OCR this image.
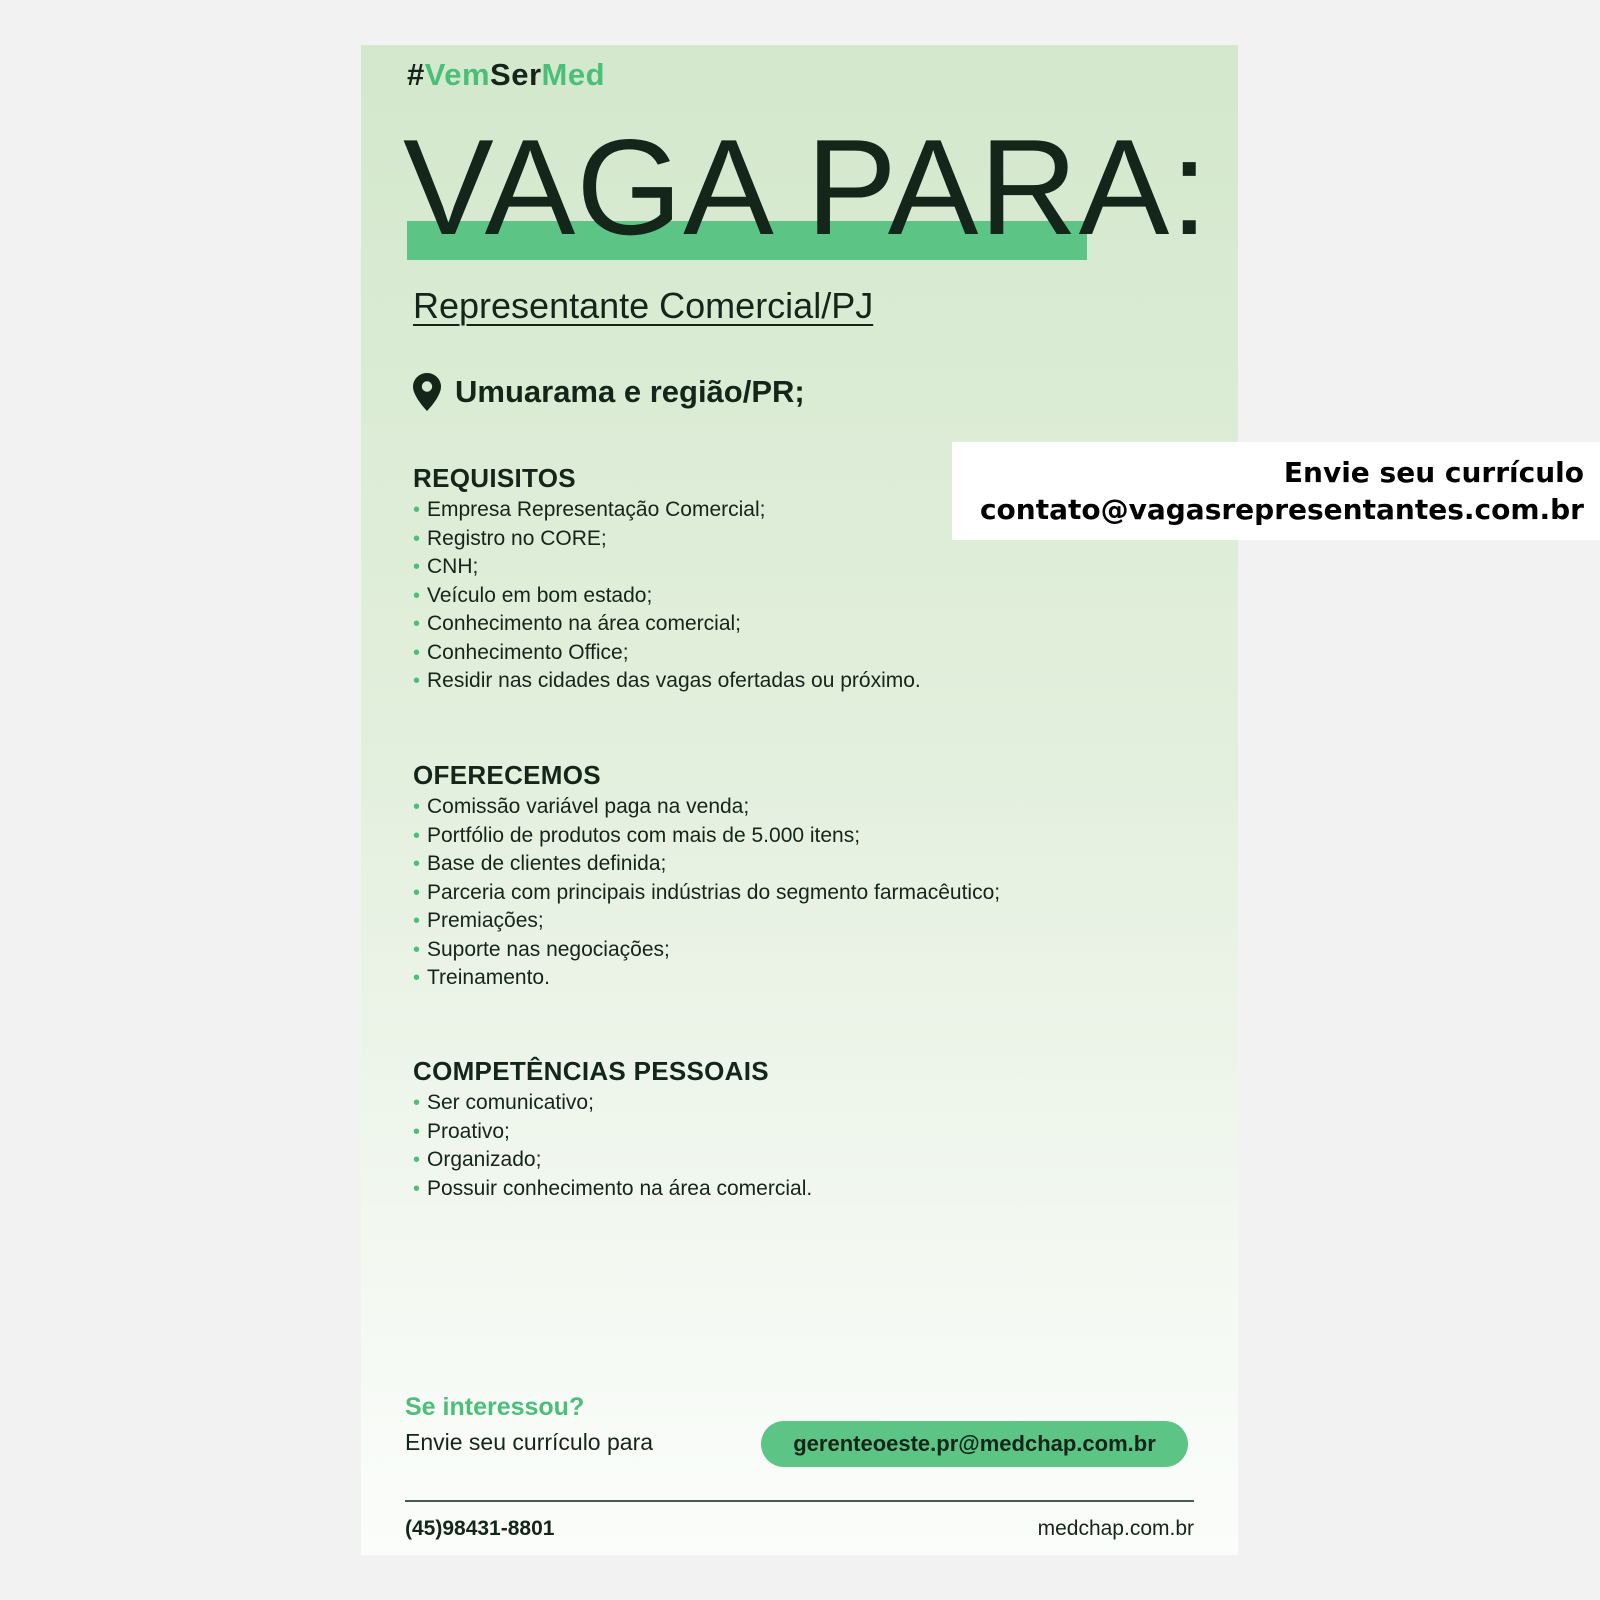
#VemSerMed
VAGA PARA:
Representante Comercial/PJ
Umuarama e região/PR;
REQUISITOS
• Empresa Representação Comercial;
• Registro no CORE;
• CNH;
• Veículo em bom estado;
• Conhecimento na área comercial;
• Conhecimento Office;
• Residir nas cidades das vagas ofertadas ou próximo.
OFERECEMOS
• Comissão variável paga na venda;
• Portfólio de produtos com mais de 5.000 itens;
• Base de clientes definida;
• Parceria com principais indústrias do segmento farmacêutico;
• Premiações;
• Suporte nas negociações;
• Treinamento.
COMPETÊNCIAS PESSOAIS
• Ser comunicativo;
• Proativo;
• Organizado;
• Possuir conhecimento na área comercial.
Se interessou?
Envie seu currículo para	gerenteoeste.pr@medchap.com.br
(45)98431-8801	medchap.com.br
Envie seu currículo
contato@vagasrepresentantes.com.br
